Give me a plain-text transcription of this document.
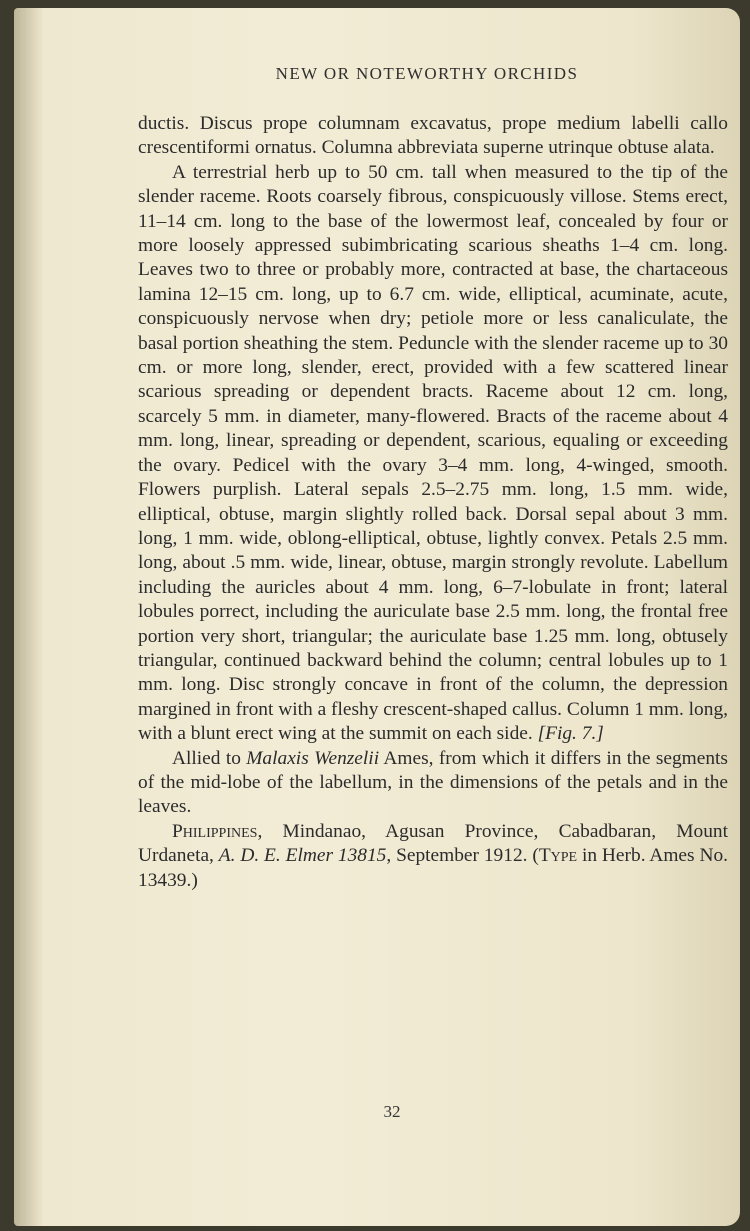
NEW OR NOTEWORTHY ORCHIDS

ductis. Discus prope columnam excavatus, prope medium labelli callo crescentiformi ornatus. Columna abbreviata superne utrinque obtuse alata.

A terrestrial herb up to 50 cm. tall when measured to the tip of the slender raceme. Roots coarsely fibrous, conspicuously villose. Stems erect, 11–14 cm. long to the base of the lowermost leaf, concealed by four or more loosely appressed subimbricating scarious sheaths 1–4 cm. long. Leaves two to three or probably more, contracted at base, the chartaceous lamina 12–15 cm. long, up to 6.7 cm. wide, elliptical, acuminate, acute, conspicuously nervose when dry; petiole more or less canaliculate, the basal portion sheathing the stem. Peduncle with the slender raceme up to 30 cm. or more long, slender, erect, provided with a few scattered linear scarious spreading or dependent bracts. Raceme about 12 cm. long, scarcely 5 mm. in diameter, many-flowered. Bracts of the raceme about 4 mm. long, linear, spreading or dependent, scarious, equaling or exceeding the ovary. Pedicel with the ovary 3–4 mm. long, 4-winged, smooth. Flowers purplish. Lateral sepals 2.5–2.75 mm. long, 1.5 mm. wide, elliptical, obtuse, margin slightly rolled back. Dorsal sepal about 3 mm. long, 1 mm. wide, oblong-elliptical, obtuse, lightly convex. Petals 2.5 mm. long, about .5 mm. wide, linear, obtuse, margin strongly revolute. Labellum including the auricles about 4 mm. long, 6–7-lobulate in front; lateral lobules porrect, including the auriculate base 2.5 mm. long, the frontal free portion very short, triangular; the auriculate base 1.25 mm. long, obtusely triangular, continued backward behind the column; central lobules up to 1 mm. long. Disc strongly concave in front of the column, the depression margined in front with a fleshy crescent-shaped callus. Column 1 mm. long, with a blunt erect wing at the summit on each side. [Fig. 7.]

Allied to Malaxis Wenzelii Ames, from which it differs in the segments of the mid-lobe of the labellum, in the dimensions of the petals and in the leaves.

Philippines, Mindanao, Agusan Province, Cabadbaran, Mount Urdaneta, A. D. E. Elmer 13815, September 1912. (Type in Herb. Ames No. 13439.)

32
